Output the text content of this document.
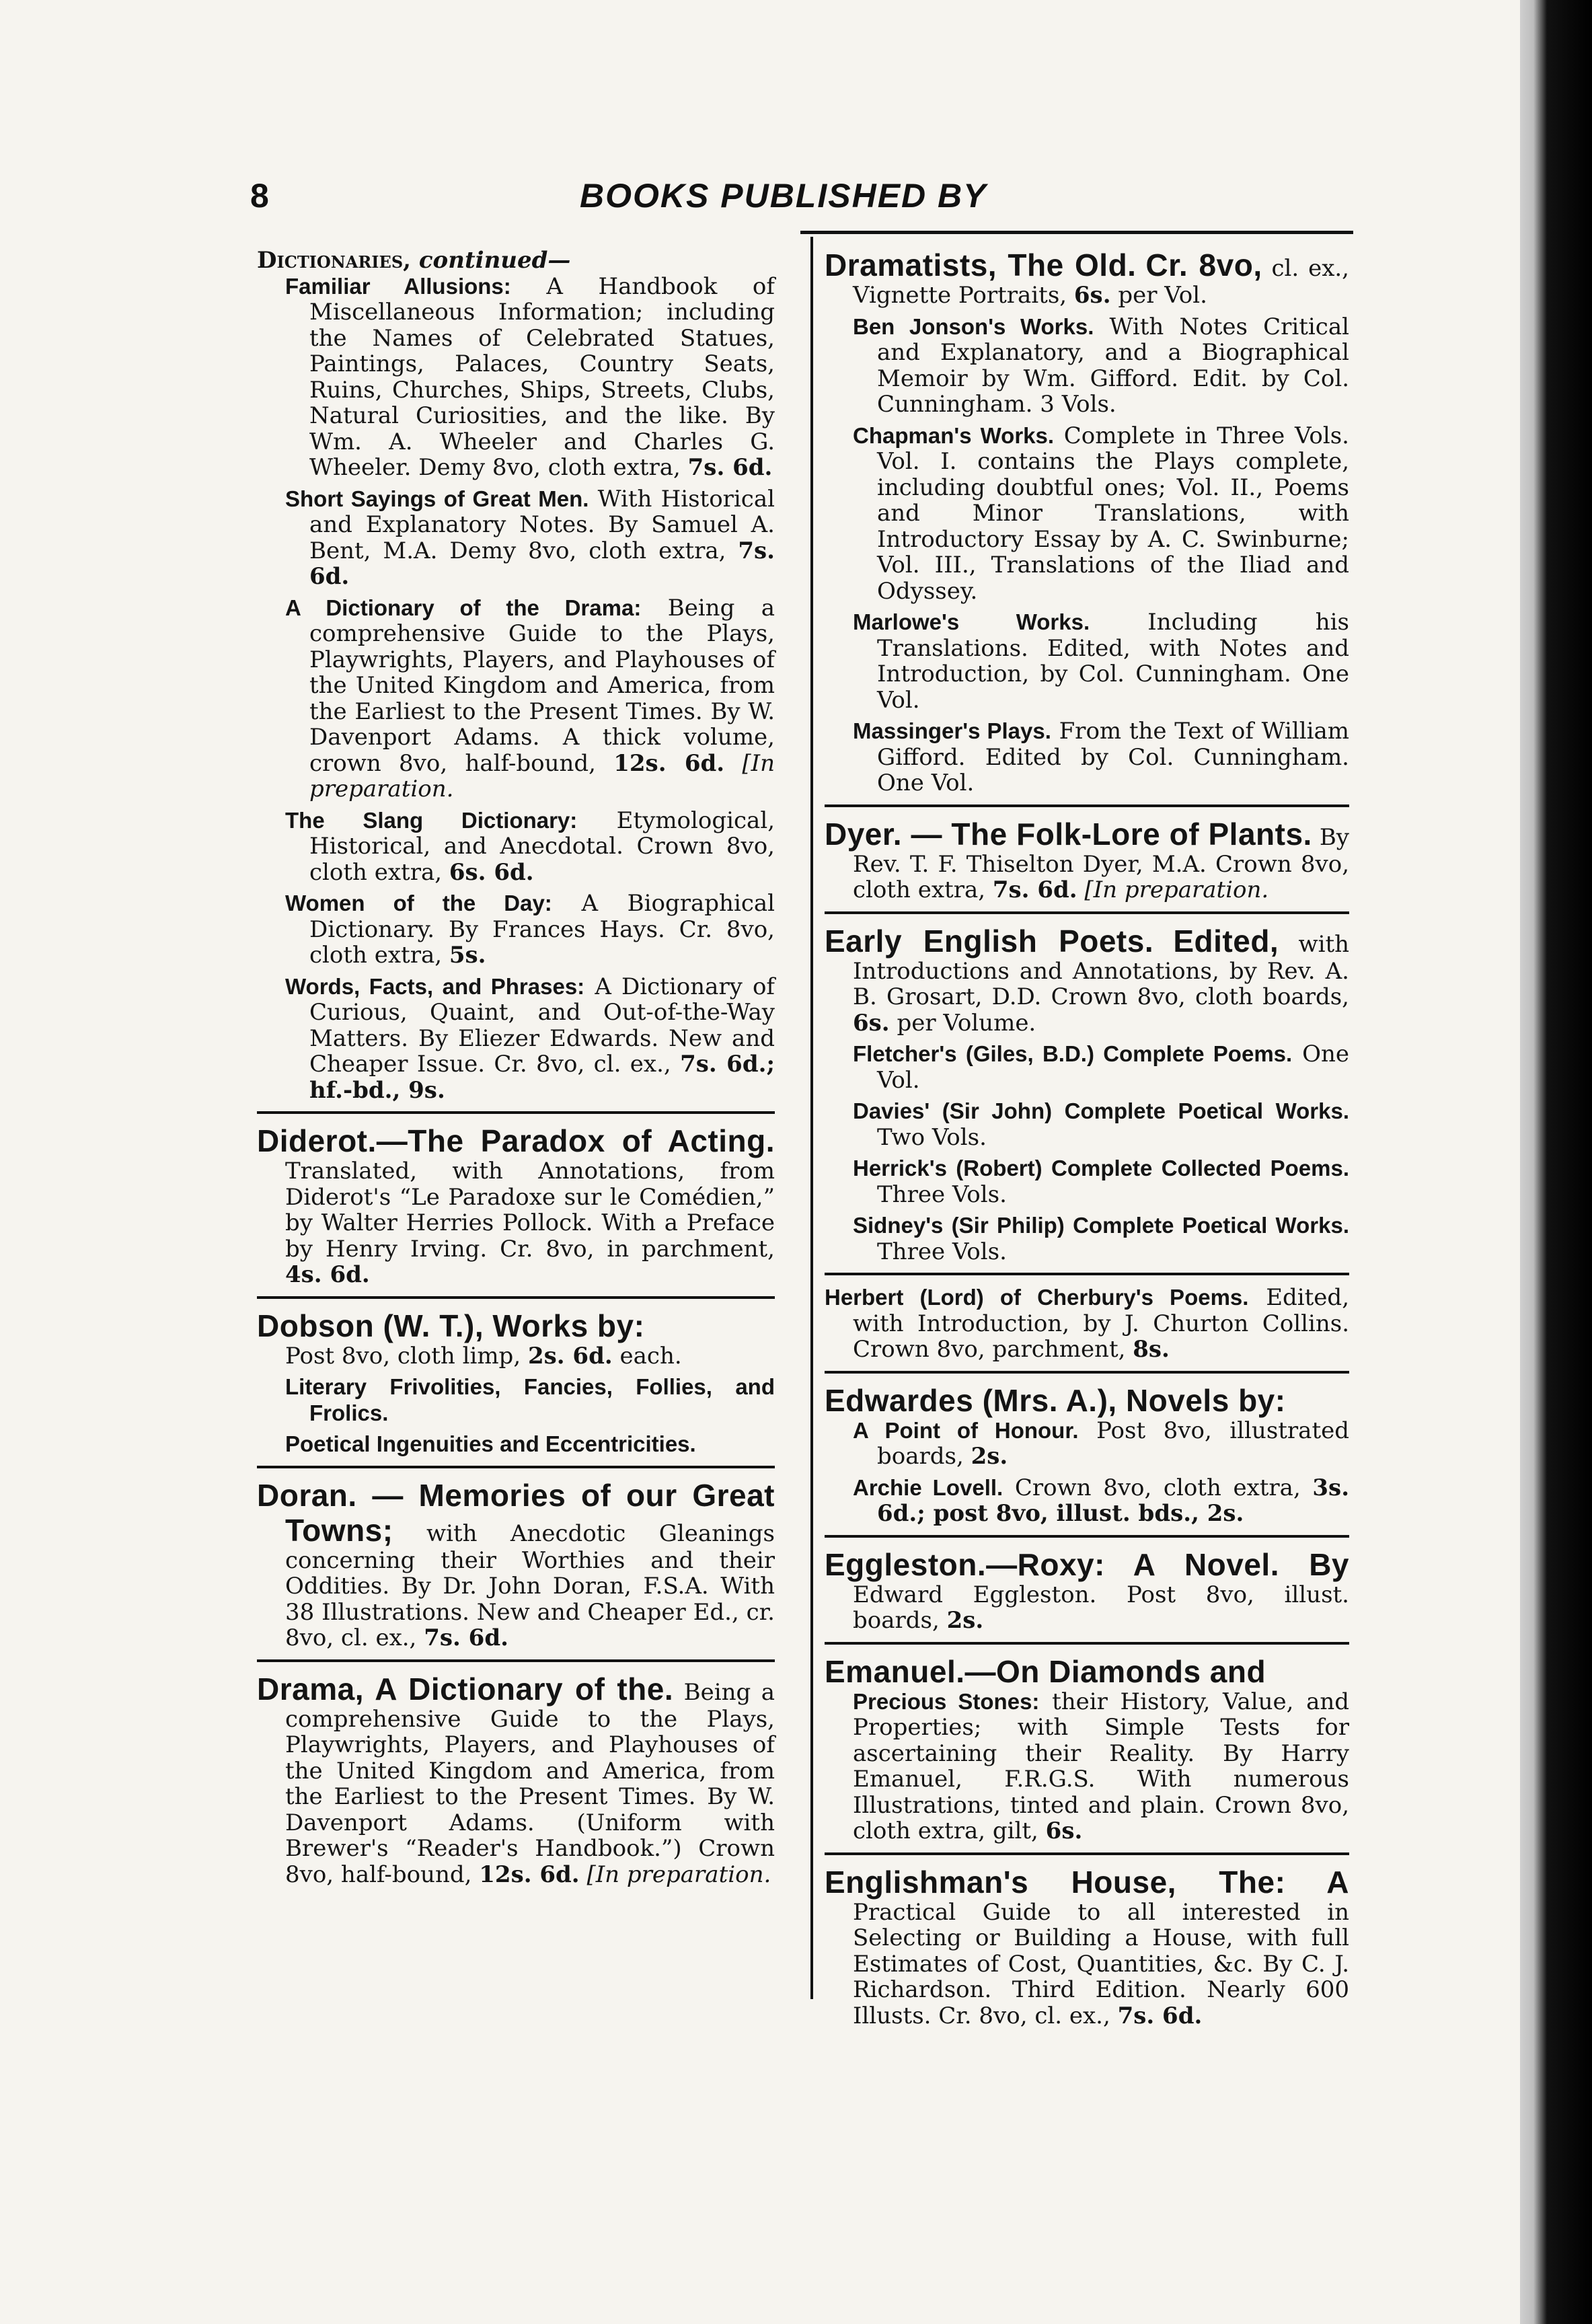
8	BOOKS PUBLISHED BY
Dictionaries, continued—

Familiar Allusions: A Handbook of Miscellaneous Information; including the Names of Celebrated Statues, Paintings, Palaces, Country Seats, Ruins, Churches, Ships, Streets, Clubs, Natural Curiosities, and the like. By Wm. A. Wheeler and Charles G. Wheeler. Demy 8vo, cloth extra, 7s. 6d.

Short Sayings of Great Men. With Historical and Explanatory Notes. By Samuel A. Bent, M.A. Demy 8vo, cloth extra, 7s. 6d.

A Dictionary of the Drama: Being a comprehensive Guide to the Plays, Playwrights, Players, and Playhouses of the United Kingdom and America, from the Earliest to the Present Times. By W. Davenport Adams. A thick volume, crown 8vo, half-bound, 12s. 6d. [In preparation.

The Slang Dictionary: Etymological, Historical, and Anecdotal. Crown 8vo, cloth extra, 6s. 6d.

Women of the Day: A Biographical Dictionary. By Frances Hays. Cr. 8vo, cloth extra, 5s.

Words, Facts, and Phrases: A Dictionary of Curious, Quaint, and Out-of-the-Way Matters. By Eliezer Edwards. New and Cheaper Issue. Cr. 8vo, cl. ex., 7s. 6d.; hf.-bd., 9s.

Diderot.—The Paradox of Acting. Translated, with Annotations, from Diderot's “Le Paradoxe sur le Comédien,” by Walter Herries Pollock. With a Preface by Henry Irving. Cr. 8vo, in parchment, 4s. 6d.

Dobson (W. T.), Works by:

Post 8vo, cloth limp, 2s. 6d. each.

Literary Frivolities, Fancies, Follies, and Frolics.

Poetical Ingenuities and Eccentricities.

Doran. — Memories of our Great Towns; with Anecdotic Gleanings concerning their Worthies and their Oddities. By Dr. John Doran, F.S.A. With 38 Illustrations. New and Cheaper Ed., cr. 8vo, cl. ex., 7s. 6d.

Drama, A Dictionary of the. Being a comprehensive Guide to the Plays, Playwrights, Players, and Playhouses of the United Kingdom and America, from the Earliest to the Present Times. By W. Davenport Adams. (Uniform with Brewer's “Reader's Handbook.”) Crown 8vo, half-bound, 12s. 6d. [In preparation.

Dramatists, The Old. Cr. 8vo, cl. ex., Vignette Portraits, 6s. per Vol.

Ben Jonson's Works. With Notes Critical and Explanatory, and a Biographical Memoir by Wm. Gifford. Edit. by Col. Cunningham. 3 Vols.

Chapman's Works. Complete in Three Vols. Vol. I. contains the Plays complete, including doubtful ones; Vol. II., Poems and Minor Translations, with Introductory Essay by A. C. Swinburne; Vol. III., Translations of the Iliad and Odyssey.

Marlowe's Works.	Including his Translations. Edited, with Notes and Introduction, by Col. Cunningham. One Vol.

Massinger's Plays. From the Text of William Gifford. Edited by Col. Cunningham. One Vol.

Dyer. — The Folk-Lore of Plants. By Rev. T. F. Thiselton Dyer, M.A. Crown 8vo, cloth extra, 7s. 6d. [In preparation.

Early English Poets. Edited, with Introductions and Annotations, by Rev. A. B. Grosart, D.D. Crown 8vo, cloth boards, 6s. per Volume.

Fletcher's (Giles, B.D.) Complete Poems. One Vol.

Davies' (Sir John) Complete Poetical Works. Two Vols.

Herrick's (Robert) Complete Collected Poems. Three Vols.

Sidney's (Sir Philip) Complete Poetical Works. Three Vols.

Herbert (Lord) of Cherbury's Poems. Edited, with Introduction, by J. Churton Collins. Crown 8vo, parchment, 8s.

Edwardes (Mrs. A.), Novels by:

A Point of Honour. Post 8vo, illustrated boards, 2s.

Archie Lovell. Crown 8vo, cloth extra, 3s. 6d.; post 8vo, illust. bds., 2s.

Eggleston.—Roxy: A Novel. By Edward Eggleston. Post 8vo, illust. boards, 2s.

Emanuel.—On Diamonds and

Precious Stones: their History, Value, and Properties; with Simple Tests for ascertaining their Reality. By Harry Emanuel, F.R.G.S. With numerous Illustrations, tinted and plain. Crown 8vo, cloth extra, gilt, 6s.

Englishman's House, The: A Practical Guide to all interested in Selecting or Building a House, with full Estimates of Cost, Quantities, &c. By C. J. Richardson. Third Edition. Nearly 600 Illusts. Cr. 8vo, cl. ex., 7s. 6d.
